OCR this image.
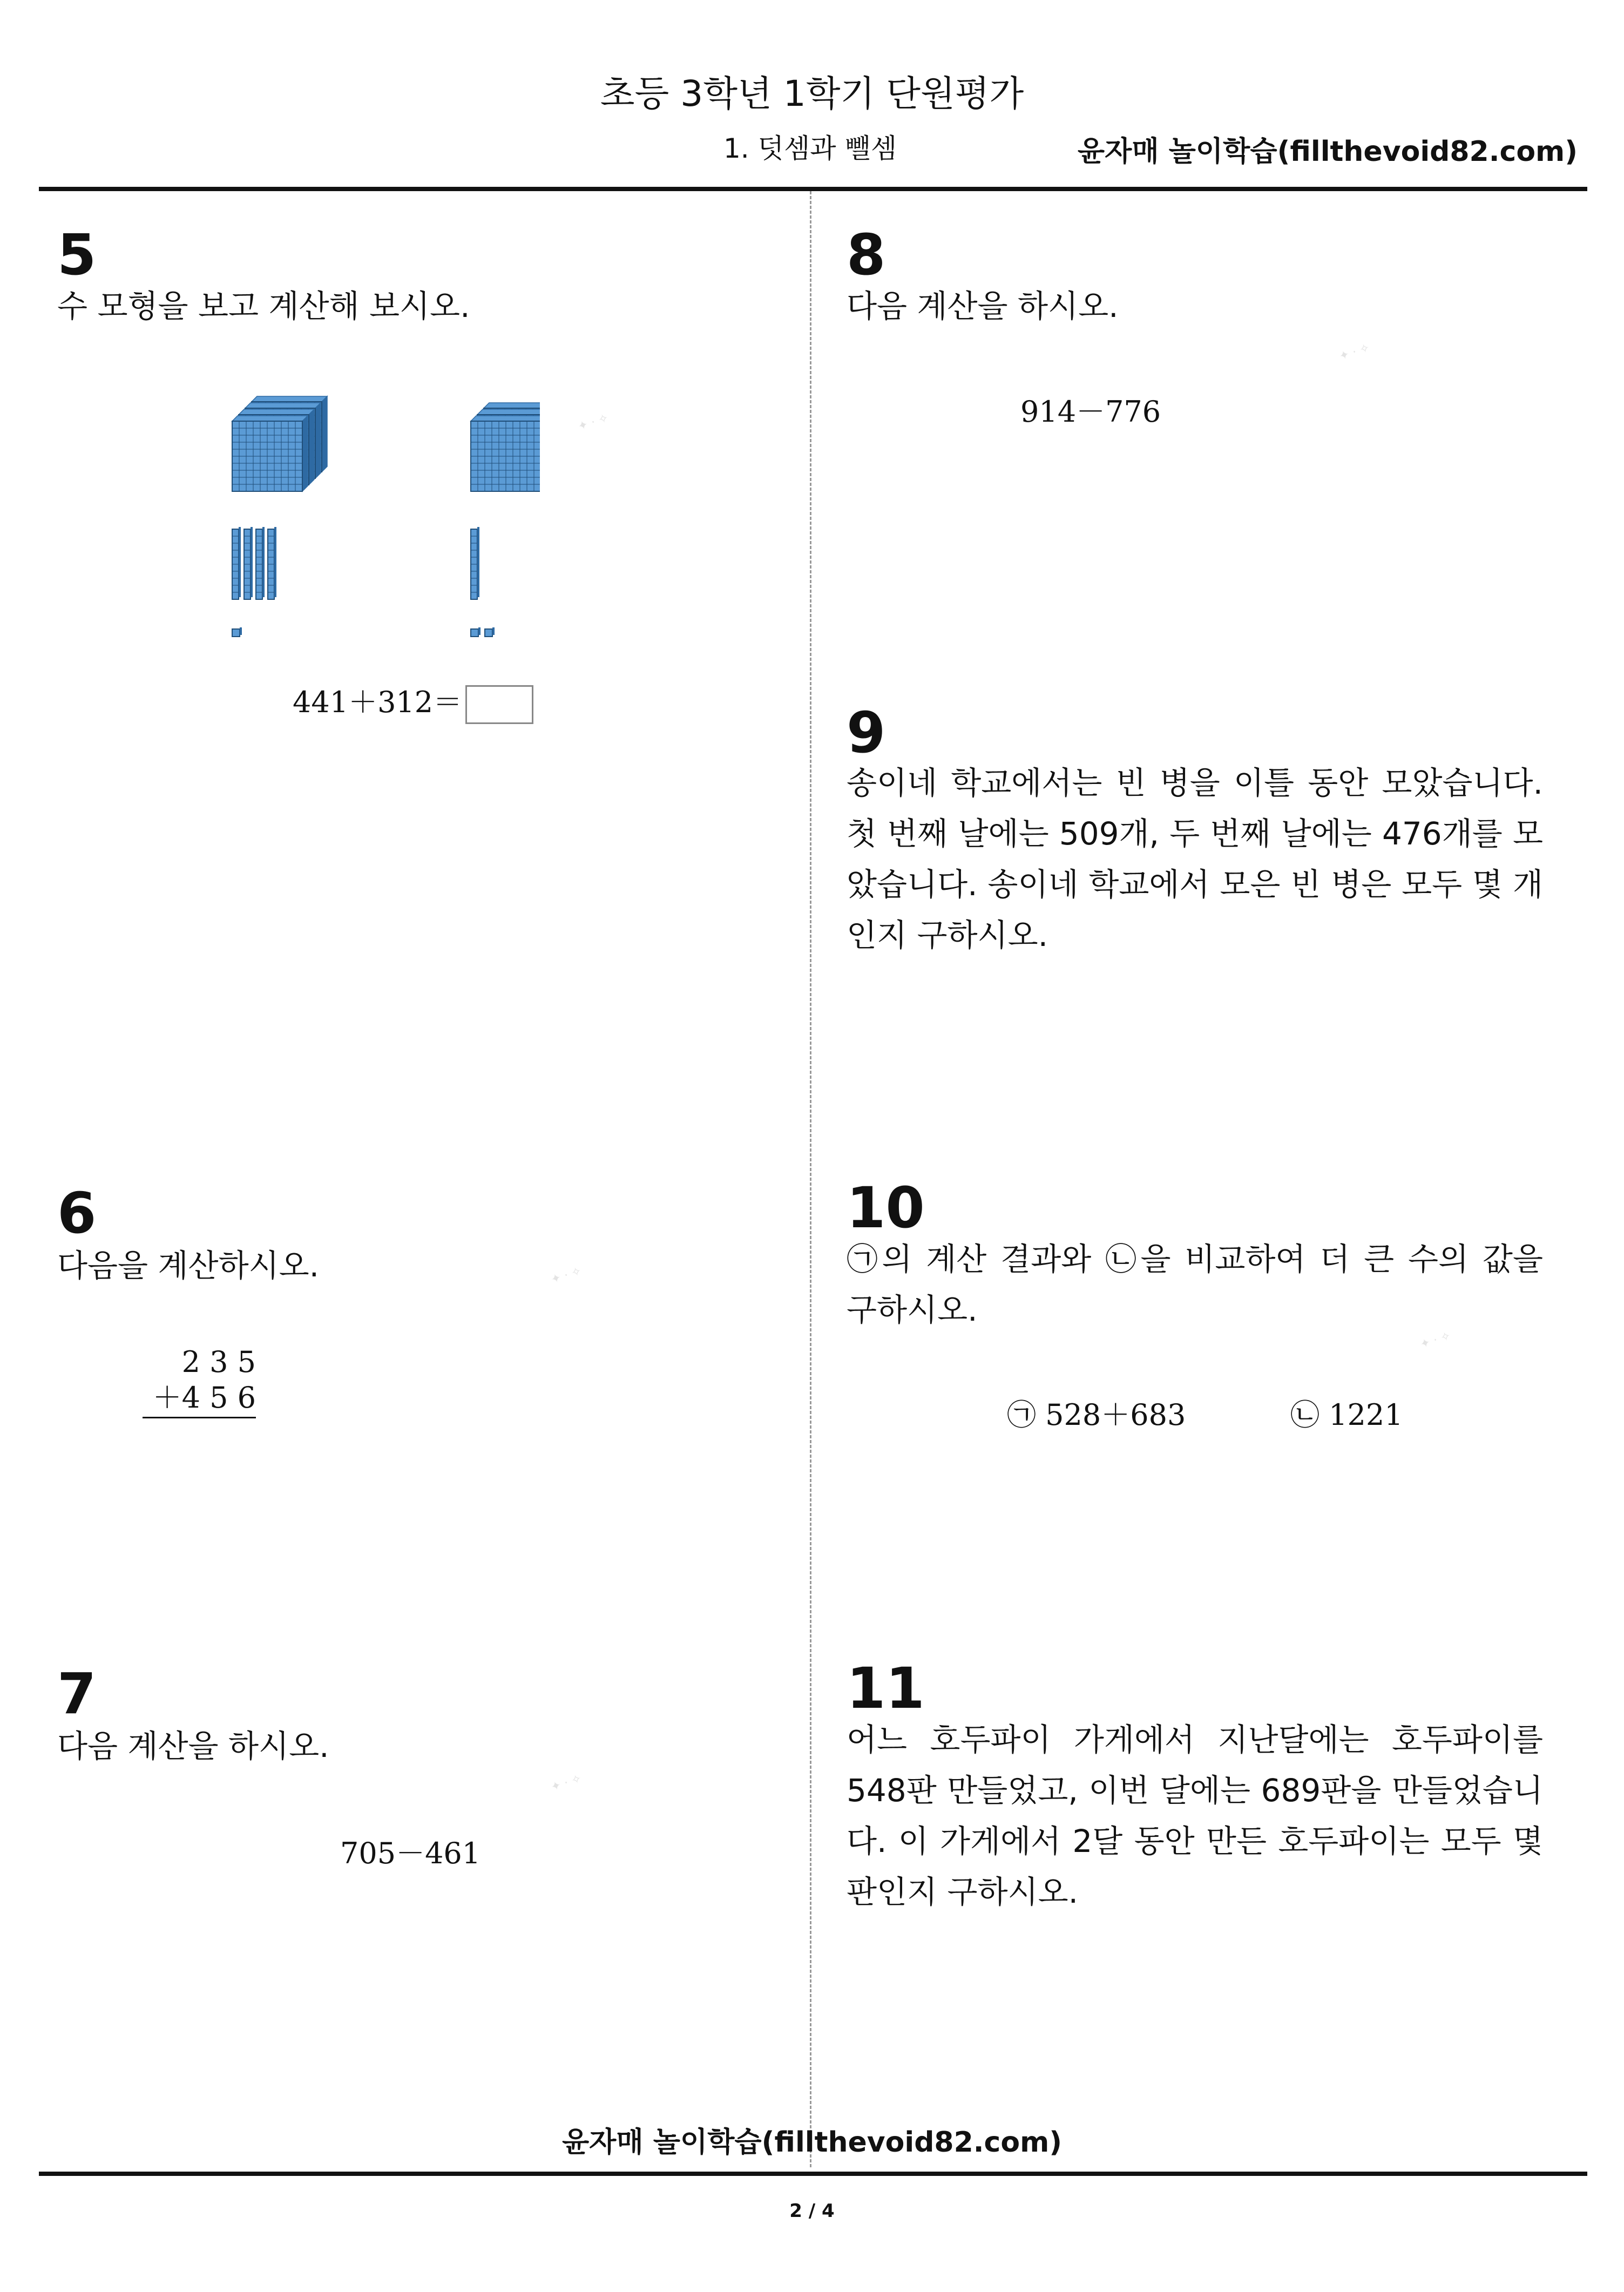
초등 3학년 1학기 단원평가
1. 덧셈과 뺄셈	윤자매 놀이학습(fillthevoid82.com)
5
수 모형을 보고 계산해 보시오.
441＋312＝
6
다음을 계산하시오.
2 3 5
＋4 5 6
7
다음 계산을 하시오.
705－461
8
다음 계산을 하시오.
914－776
9
송이네 학교에서는 빈 병을 이틀 동안 모았습니다. 첫 번째 날에는 509개, 두 번째 날에는 476개를 모았습니다. 송이네 학교에서 모은 빈 병은 모두 몇 개인지 구하시오.
10
㉠의 계산 결과와 ㉡을 비교하여 더 큰 수의 값을 구하시오.
㉠ 528＋683	㉡ 1221
11
어느 호두파이 가게에서 지난달에는 호두파이를 548판 만들었고, 이번 달에는 689판을 만들었습니다. 이 가게에서 2달 동안 만든 호두파이는 모두 몇 판인지 구하시오.
✦ · ✧
✦ · ✧
✦ · ✧
✦ · ✧
✦ · ✧
윤자매 놀이학습(fillthevoid82.com)
2 / 4
